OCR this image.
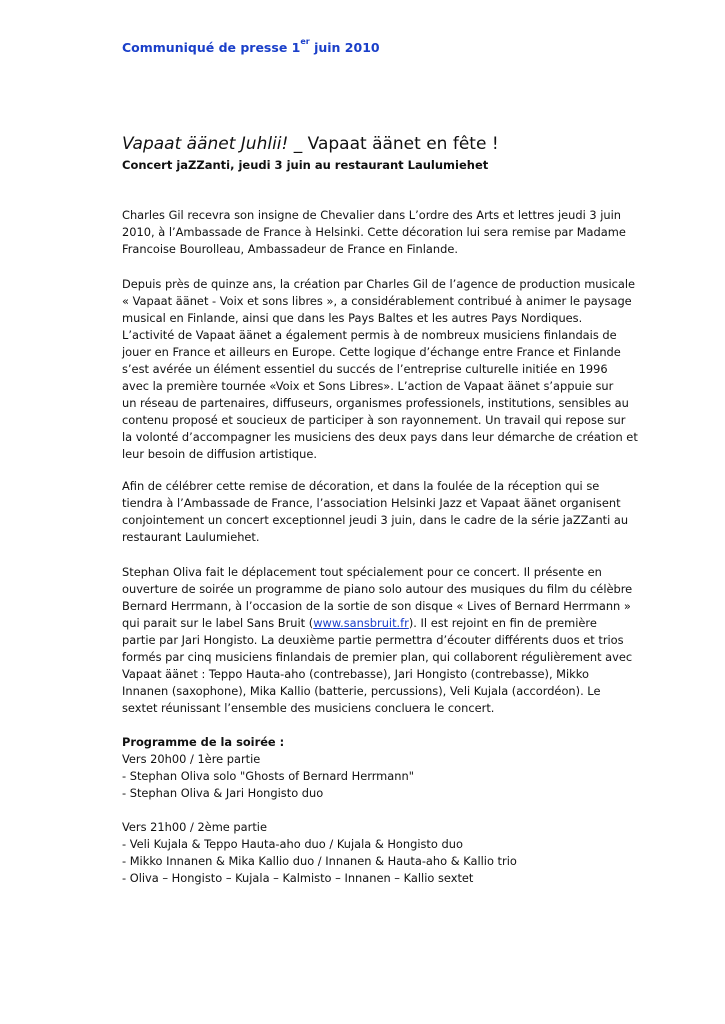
Communiqué de presse 1er juin 2010
Vapaat äänet Juhlii! _ Vapaat äänet en fête !
Concert jaZZanti, jeudi 3 juin au restaurant Laulumiehet

Charles Gil recevra son insigne de Chevalier dans L’ordre des Arts et lettres jeudi 3 juin

2010, à l’Ambassade de France à Helsinki. Cette décoration lui sera remise par Madame

Francoise Bourolleau, Ambassadeur de France en Finlande.

Depuis près de quinze ans, la création par Charles Gil de l’agence de production musicale

« Vapaat äänet - Voix et sons libres », a considérablement contribué à animer le paysage

musical en Finlande, ainsi que dans les Pays Baltes et les autres Pays Nordiques.

L’activité de Vapaat äänet a également permis à de nombreux musiciens finlandais de

jouer en France et ailleurs en Europe. Cette logique d’échange entre France et Finlande

s’est avérée un élément essentiel du succés de l’entreprise culturelle initiée en 1996

avec la première tournée «Voix et Sons Libres». L’action de Vapaat äänet s’appuie sur

un réseau de partenaires, diffuseurs, organismes professionels, institutions, sensibles au

contenu proposé et soucieux de participer à son rayonnement. Un travail qui repose sur

la volonté d’accompagner les musiciens des deux pays dans leur démarche de création et

leur besoin de diffusion artistique.

Afin de célébrer cette remise de décoration, et dans la foulée de la réception qui se

tiendra à l’Ambassade de France, l’association Helsinki Jazz et Vapaat äänet organisent

conjointement un concert exceptionnel jeudi 3 juin, dans le cadre de la série jaZZanti au

restaurant Laulumiehet.

Stephan Oliva fait le déplacement tout spécialement pour ce concert. Il présente en

ouverture de soirée un programme de piano solo autour des musiques du film du célèbre

Bernard Herrmann, à l’occasion de la sortie de son disque « Lives of Bernard Herrmann »

qui parait sur le label Sans Bruit (www.sansbruit.fr). Il est rejoint en fin de première

partie par Jari Hongisto. La deuxième partie permettra d’écouter différents duos et trios

formés par cinq musiciens finlandais de premier plan, qui collaborent régulièrement avec

Vapaat äänet : Teppo Hauta-aho (contrebasse), Jari Hongisto (contrebasse), Mikko

Innanen (saxophone), Mika Kallio (batterie, percussions), Veli Kujala (accordéon). Le

sextet réunissant l’ensemble des musiciens concluera le concert.

Programme de la soirée :

Vers 20h00 / 1ère partie

- Stephan Oliva solo "Ghosts of Bernard Herrmann"

- Stephan Oliva & Jari Hongisto duo

Vers 21h00 / 2ème partie

- Veli Kujala & Teppo Hauta-aho duo / Kujala & Hongisto duo

- Mikko Innanen & Mika Kallio duo / Innanen & Hauta-aho & Kallio trio

- Oliva – Hongisto – Kujala – Kalmisto – Innanen – Kallio sextet
